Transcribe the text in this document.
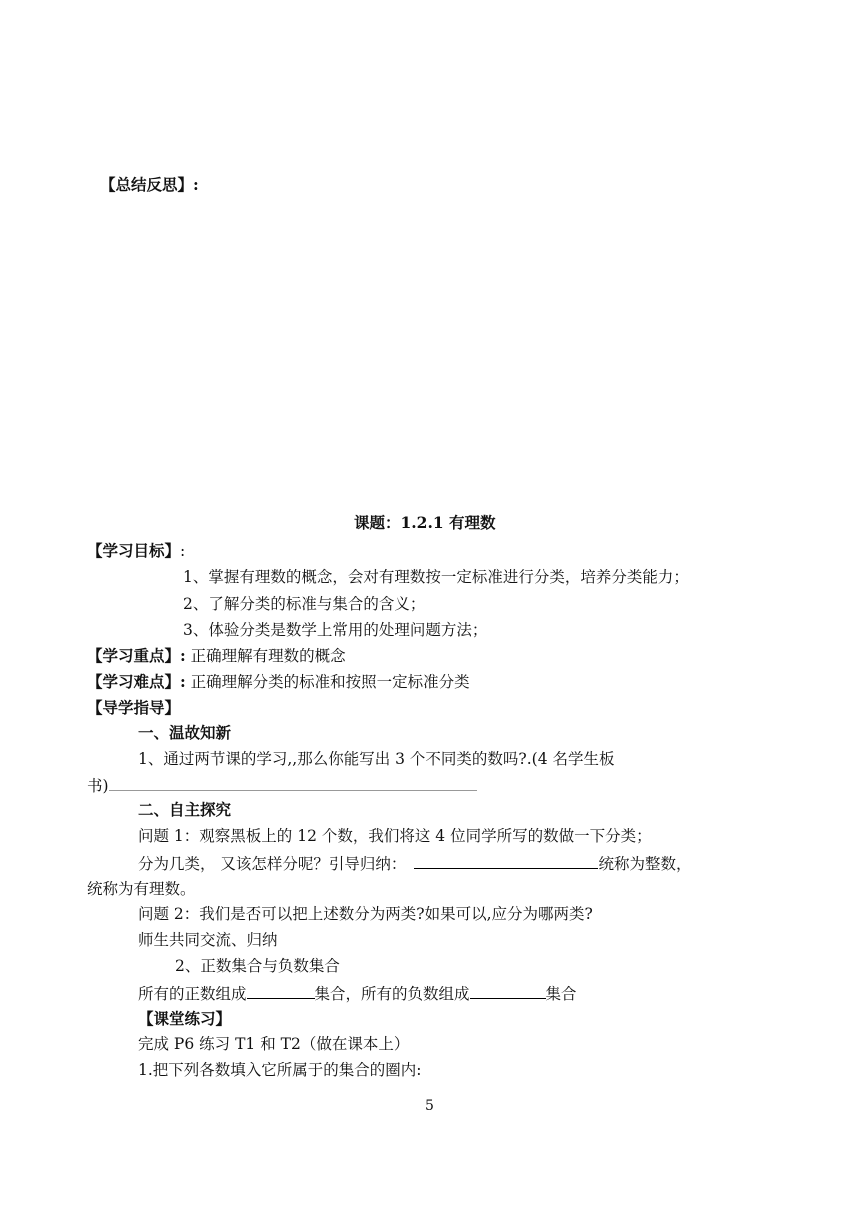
【总结反思】:
课题：1.2.1 有理数
【学习目标】:
1、掌握有理数的概念，会对有理数按一定标准进行分类，培养分类能力；
2、了解分类的标准与集合的含义；
3、体验分类是数学上常用的处理问题方法；
【学习重点】: 正确理解有理数的概念
【学习难点】: 正确理解分类的标准和按照一定标准分类
【导学指导】
一、温故知新
1、通过两节课的学习,,那么你能写出 3 个不同类的数吗?.(4 名学生板
书)
二、自主探究
问题 1：观察黑板上的 12 个数，我们将这 4 位同学所写的数做一下分类；
分为几类， 又该怎样分呢？引导归纳：	统称为整数，
统称为有理数。
问题 2：我们是否可以把上述数分为两类?如果可以,应分为哪两类?
师生共同交流、归纳
2、正数集合与负数集合
所有的正数组成	集合，所有的负数组成	集合
【课堂练习】
完成 P6 练习 T1 和 T2（做在课本上）
1.把下列各数填入它所属于的集合的圈内:
5
